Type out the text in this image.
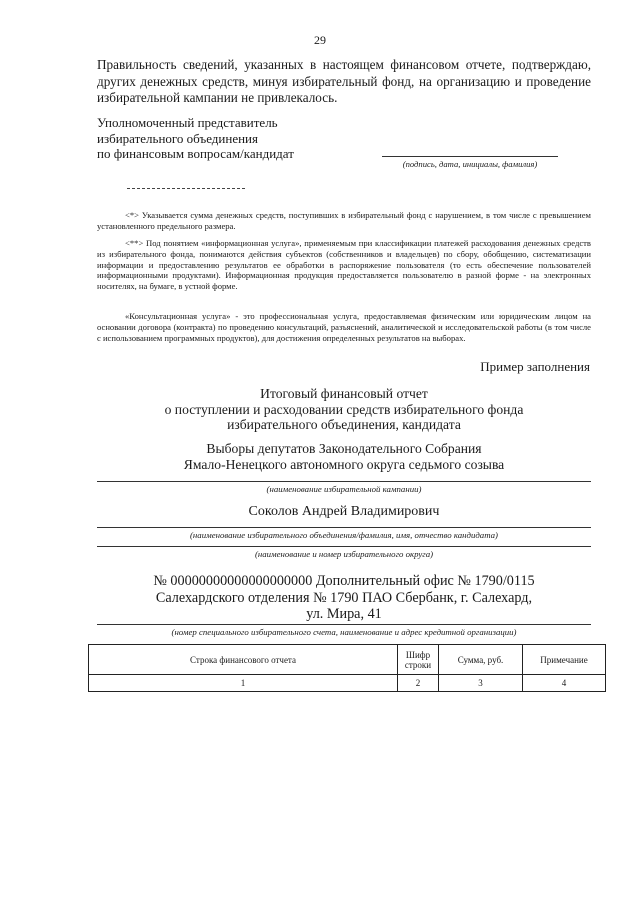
29
Правильность сведений, указанных в настоящем финансовом отчете, подтверждаю, других денежных средств, минуя избирательный фонд, на организацию и проведение избирательной кампании не привлекалось.
Уполномоченный представитель
избирательного объединения
по финансовым вопросам/кандидат
(подпись, дата, инициалы, фамилия)
<*> Указывается сумма денежных средств, поступивших в избирательный фонд с нарушением, в том числе с превышением установленного предельного размера.
<**> Под понятием «информационная услуга», применяемым при классификации платежей расходования денежных средств из избирательного фонда, понимаются действия субъектов (собственников и владельцев) по сбору, обобщению, систематизации информации и предоставлению результатов ее обработки в распоряжение пользователя (то есть обеспечение пользователей информационными продуктами). Информационная продукция предоставляется пользователю в разной форме - на электронных носителях, на бумаге, в устной форме.
«Консультационная услуга» - это профессиональная услуга, предоставляемая физическим или юридическим лицом на основании договора (контракта) по проведению консультаций, разъяснений, аналитической и исследовательской работы (в том числе с использованием программных продуктов), для достижения определенных результатов на выборах.
Пример заполнения
Итоговый финансовый отчет
о поступлении и расходовании средств избирательного фонда
избирательного объединения, кандидата
Выборы депутатов Законодательного Собрания
Ямало-Ненецкого автономного округа седьмого созыва
(наименование избирательной кампании)
Соколов Андрей Владимирович
(наименование избирательного объединения/фамилия, имя, отчество кандидата)
(наименование и номер избирательного округа)
№ 00000000000000000000 Дополнительный офис № 1790/0115
Салехардского отделения № 1790 ПАО Сбербанк, г. Салехард,
ул. Мира, 41
(номер специального избирательного счета, наименование и адрес кредитной организации)
Строка финансового отчета	Шифр строки	Сумма, руб.	Примечание
1	2	3	4
